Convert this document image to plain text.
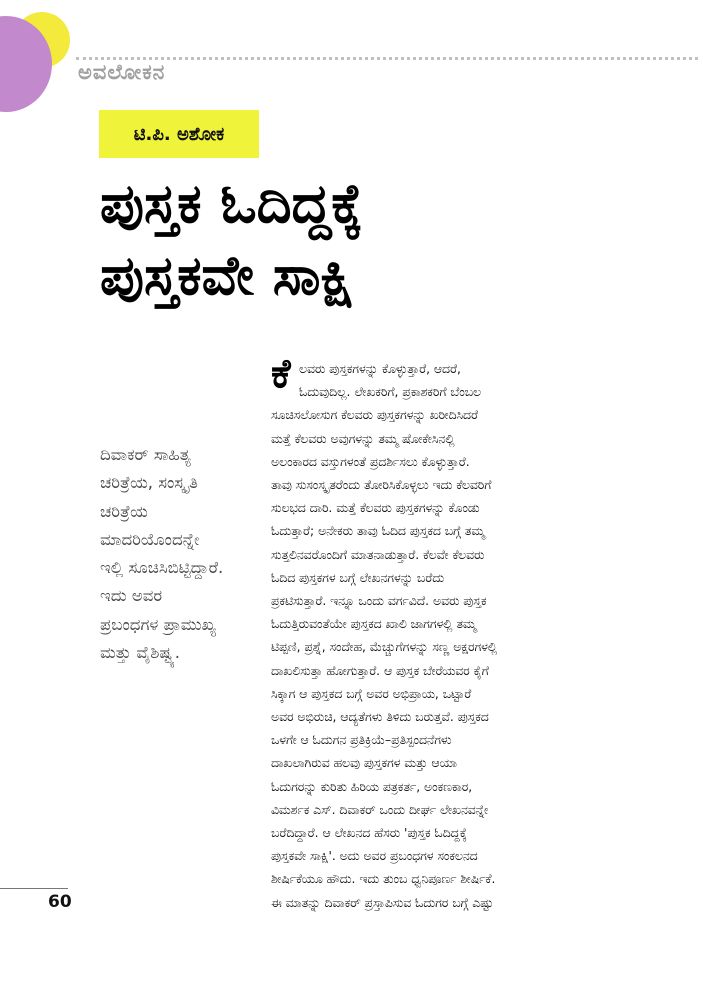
ಅವಲೋಕನ
ಟಿ.ಪಿ. ಅಶೋಕ
ಪುಸ್ತಕ ಓದಿದ್ದಕ್ಕೆ
ಪುಸ್ತಕವೇ ಸಾಕ್ಷಿ
ದಿವಾಕರ್ ಸಾಹಿತ್ಯ
ಚರಿತ್ರೆಯ, ಸಂಸ್ಕೃತಿ
ಚರಿತ್ರೆಯ
ಮಾದರಿಯೊಂದನ್ನೇ
ಇಲ್ಲಿ ಸೂಚಿಸಿಬಿಟ್ಟಿದ್ದಾರೆ.
ಇದು ಅವರ
ಪ್ರಬಂಧಗಳ ಪ್ರಾಮುಖ್ಯ
ಮತ್ತು ವೈಶಿಷ್ಟ್ಯ.
ಕೆ ಲವರು ಪುಸ್ತಕಗಳನ್ನು ಕೊಳ್ಳುತ್ತಾರೆ, ಆದರೆ,
ಓದುವುದಿಲ್ಲ. ಲೇಖಕರಿಗೆ, ಪ್ರಕಾಶಕರಿಗೆ ಬೆಂಬಲ
ಸೂಚಿಸಲೋಸುಗ ಕೆಲವರು ಪುಸ್ತಕಗಳನ್ನು ಖರೀದಿಸಿದರೆ
ಮತ್ತೆ ಕೆಲವರು ಅವುಗಳನ್ನು ತಮ್ಮ ಷೋಕೇಸಿನಲ್ಲಿ
ಅಲಂಕಾರದ ವಸ್ತುಗಳಂತೆ ಪ್ರದರ್ಶಿಸಲು ಕೊಳ್ಳುತ್ತಾರೆ.
ತಾವು ಸುಸಂಸ್ಕೃತರೆಂದು ತೋರಿಸಿಕೊಳ್ಳಲು ಇದು ಕೆಲವರಿಗೆ
ಸುಲಭದ ದಾರಿ. ಮತ್ತೆ ಕೆಲವರು ಪುಸ್ತಕಗಳನ್ನು ಕೊಂಡು
ಓದುತ್ತಾರೆ; ಅನೇಕರು ತಾವು ಓದಿದ ಪುಸ್ತಕದ ಬಗ್ಗೆ ತಮ್ಮ
ಸುತ್ತಲಿನವರೊಂದಿಗೆ ಮಾತನಾಡುತ್ತಾರೆ. ಕೆಲವೇ ಕೆಲವರು
ಓದಿದ ಪುಸ್ತಕಗಳ ಬಗ್ಗೆ ಲೇಖನಗಳನ್ನು ಬರೆದು
ಪ್ರಕಟಿಸುತ್ತಾರೆ. ಇನ್ನೂ ಒಂದು ವರ್ಗವಿದೆ. ಅವರು ಪುಸ್ತಕ
ಓದುತ್ತಿರುವಂತೆಯೇ ಪುಸ್ತಕದ ಖಾಲಿ ಜಾಗಗಳಲ್ಲಿ ತಮ್ಮ
ಟಿಪ್ಪಣಿ, ಪ್ರಶ್ನೆ, ಸಂದೇಹ, ಮೆಚ್ಚುಗೆಗಳನ್ನು ಸಣ್ಣ ಅಕ್ಷರಗಳಲ್ಲಿ
ದಾಖಲಿಸುತ್ತಾ ಹೋಗುತ್ತಾರೆ. ಆ ಪುಸ್ತಕ ಬೇರೆಯವರ ಕೈಗೆ
ಸಿಕ್ಕಾಗ ಆ ಪುಸ್ತಕದ ಬಗ್ಗೆ ಅವರ ಅಭಿಪ್ರಾಯ, ಒಟ್ಟಾರೆ
ಅವರ ಅಭಿರುಚಿ, ಆದ್ಯತೆಗಳು ತಿಳಿದು ಬರುತ್ತವೆ. ಪುಸ್ತಕದ
ಒಳಗೇ ಆ ಓದುಗನ ಪ್ರತಿಕ್ರಿಯೆ–ಪ್ರತಿಸ್ಪಂದನೆಗಳು
ದಾಖಲಾಗಿರುವ ಹಲವು ಪುಸ್ತಕಗಳ ಮತ್ತು ಆಯಾ
ಓದುಗರನ್ನು ಕುರಿತು ಹಿರಿಯ ಪತ್ರಕರ್ತ, ಅಂಕಣಕಾರ,
ವಿಮರ್ಶಕ ಎಸ್. ದಿವಾಕರ್ ಒಂದು ದೀರ್ಘ ಲೇಖನವನ್ನೇ
ಬರೆದಿದ್ದಾರೆ. ಆ ಲೇಖನದ ಹೆಸರು 'ಪುಸ್ತಕ ಓದಿದ್ದಕ್ಕೆ
ಪುಸ್ತಕವೇ ಸಾಕ್ಷಿ'. ಅದು ಅವರ ಪ್ರಬಂಧಗಳ ಸಂಕಲನದ
ಶೀರ್ಷಿಕೆಯೂ ಹೌದು. ಇದು ತುಂಬ ಧ್ವನಿಪೂರ್ಣ ಶೀರ್ಷಿಕೆ.
ಈ ಮಾತನ್ನು ದಿವಾಕರ್ ಪ್ರಸ್ತಾಪಿಸುವ ಓದುಗರ ಬಗ್ಗೆ ಎಷ್ಟು
60
